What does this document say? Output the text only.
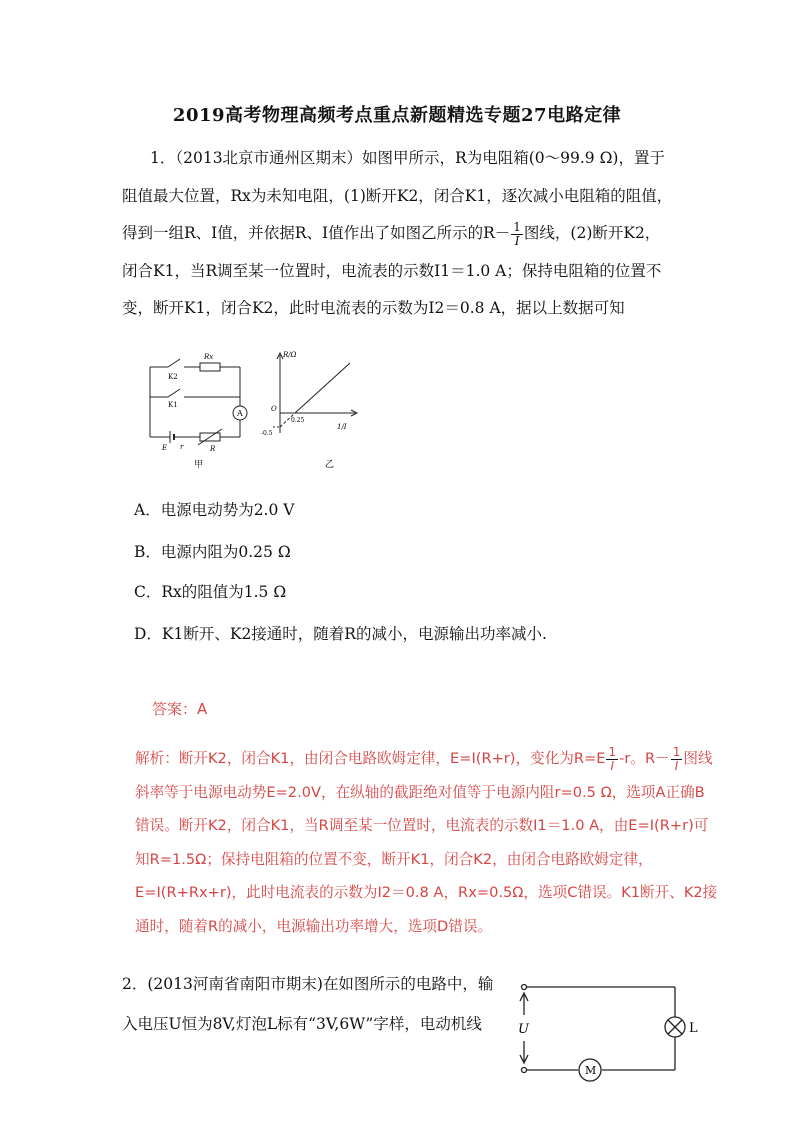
2019高考物理高频考点重点新题精选专题27电路定律
1．（2013北京市通州区期末）如图甲所示，R为电阻箱(0～99.9 Ω)，置于
阻值最大位置，Rx为未知电阻，(1)断开K2，闭合K1，逐次减小电阻箱的阻值，
得到一组R、I值，并依据R、I值作出了如图乙所示的$R- \frac{1}{I}$ 图线，(2)断开K2，
闭合K1，当R调至某一位置时，电流表的示数I1＝1.0 A；保持电阻箱的位置不
变，断开K1，闭合K2，此时电流表的示数为I2＝0.8 A，据以上数据可知
K2
Rx
K1
A
E r	R
甲
R/Ω
O
0.25
-0.5
1/I
乙
A．电源电动势为2.0 V
B．电源内阻为0.25 Ω
C．Rx的阻值为1.5 Ω
D．K1断开、K2接通时，随着R的减小，电源输出功率减小.
答案：A
解析：断开K2，闭合K1，由闭合电路欧姆定律，E=I(R+r)，变化为$R=E \frac{1}{I} -r$。$R- \frac{1}{I}$ 图线
斜率等于电源电动势E=2.0V，在纵轴的截距绝对值等于电源内阻r=0.5 Ω，选项A正确B
错误。断开K2，闭合K1，当R调至某一位置时，电流表的示数I1＝1.0 A，由E=I(R+r)可
知R=1.5Ω；保持电阻箱的位置不变，断开K1，闭合K2，由闭合电路欧姆定律，
E=I(R+Rx+r)，此时电流表的示数为I2＝0.8 A，Rx=0.5Ω，选项C错误。K1断开、K2接
通时，随着R的减小，电源输出功率增大，选项D错误。
2．(2013河南省南阳市期末)在如图所示的电路中，输
入电压U恒为8V,灯泡L标有“3V,6W”字样，电动机线	U	L
M
